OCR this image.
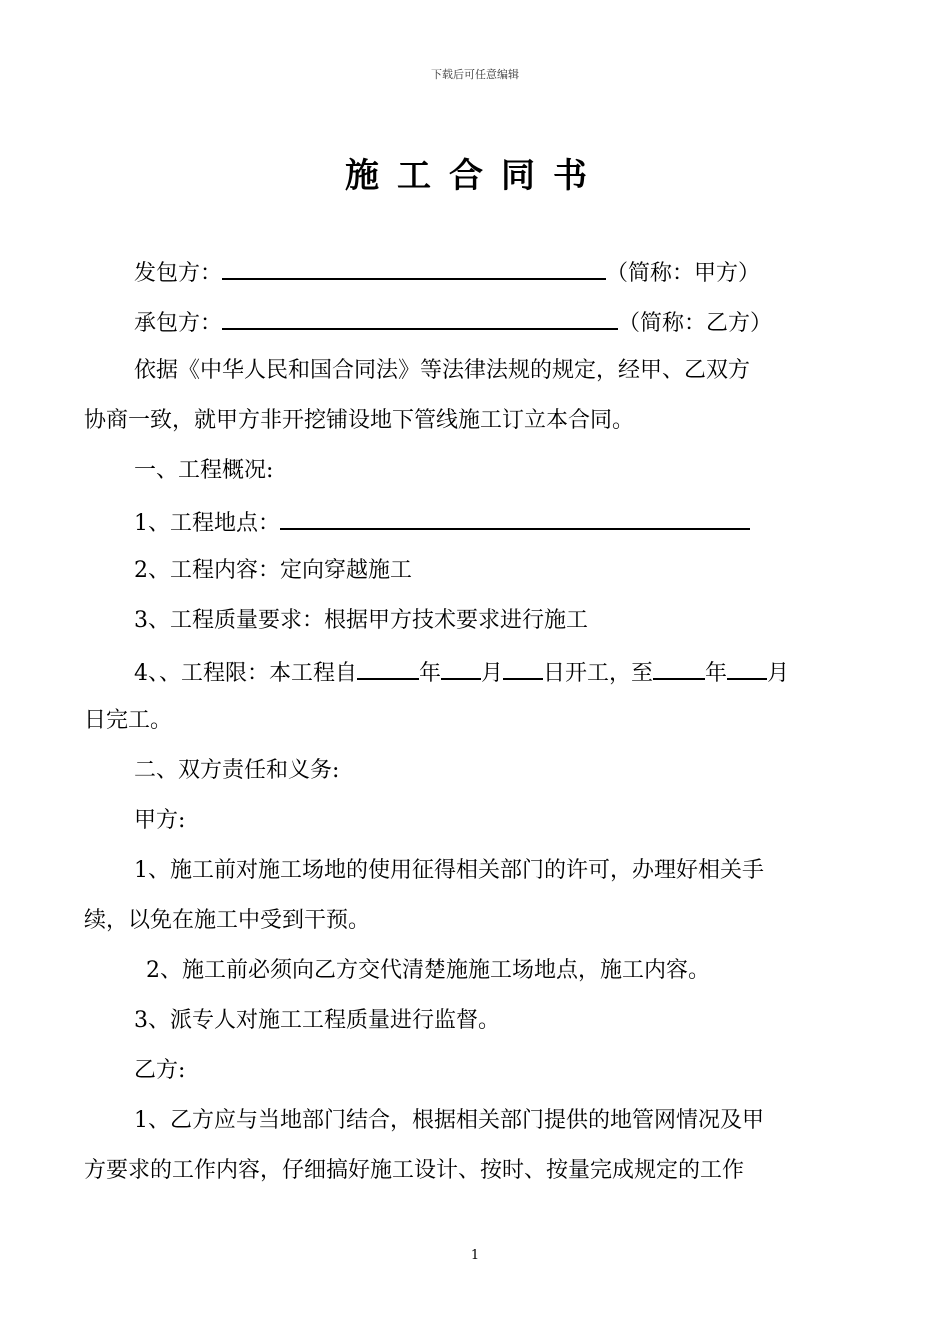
下载后可任意编辑
施工合同书
发包方：	（简称：甲方）
承包方：	（简称：乙方）
依据《中华人民和国合同法》等法律法规的规定，经甲、乙双方
协商一致，就甲方非开挖铺设地下管线施工订立本合同。
一、工程概况:
1、工程地点：
2、工程内容：定向穿越施工
3、工程质量要求：根据甲方技术要求进行施工
4、、工程限：本工程自	年 月 日开工，至 年 月
日完工。
二、双方责任和义务:
甲方:
1、施工前对施工场地的使用征得相关部门的许可，办理好相关手
续，以免在施工中受到干预。
2、施工前必须向乙方交代清楚施施工场地点，施工内容。
3、派专人对施工工程质量进行监督。
乙方:
1、乙方应与当地部门结合，根据相关部门提供的地管网情况及甲
方要求的工作内容，仔细搞好施工设计、按时、按量完成规定的工作
1
